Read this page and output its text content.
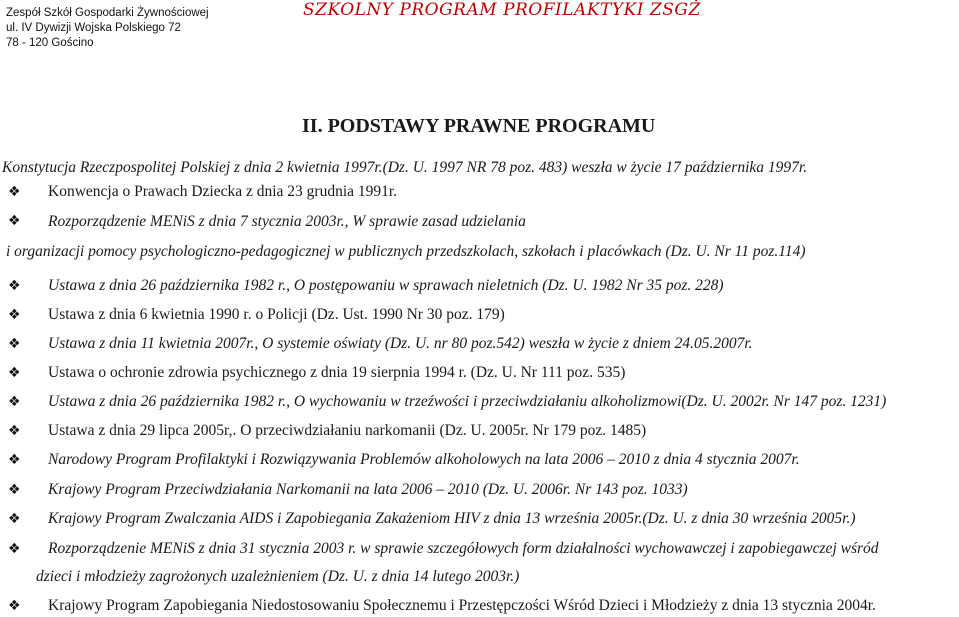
Zespół Szkół Gospodarki Żywnościowej
ul. IV Dywizji Wojska Polskiego 72
78 - 120 Gościno
SZKOLNY PROGRAM PROFILAKTYKI ZSGŻ
II. PODSTAWY PRAWNE PROGRAMU
Konstytucja Rzeczpospolitej Polskiej z dnia 2 kwietnia 1997r.(Dz. U. 1997 NR 78 poz. 483) weszła w życie 17 października 1997r.
❖ Konwencja o Prawach Dziecka z dnia 23 grudnia 1991r.
❖ Rozporządzenie MENiS z dnia 7 stycznia 2003r., W sprawie zasad udzielania
i organizacji pomocy psychologiczno-pedagogicznej w publicznych przedszkolach, szkołach i placówkach (Dz. U. Nr 11 poz.114)
❖ Ustawa z dnia 26 października 1982 r., O postępowaniu w sprawach nieletnich (Dz. U. 1982 Nr 35 poz. 228)
❖ Ustawa z dnia 6 kwietnia 1990 r. o Policji (Dz. Ust. 1990 Nr 30 poz. 179)
❖ Ustawa z dnia 11 kwietnia 2007r., O systemie oświaty (Dz. U. nr 80 poz.542) weszła w życie z dniem 24.05.2007r.
❖ Ustawa o ochronie zdrowia psychicznego z dnia 19 sierpnia 1994 r. (Dz. U. Nr 111 poz. 535)
❖ Ustawa z dnia 26 października 1982 r., O wychowaniu w trzeźwości i przeciwdziałaniu alkoholizmowi(Dz. U. 2002r. Nr 147 poz. 1231)
❖ Ustawa z dnia 29 lipca 2005r,. O przeciwdziałaniu narkomanii (Dz. U. 2005r. Nr 179 poz. 1485)
❖ Narodowy Program Profilaktyki i Rozwiązywania Problemów alkoholowych na lata 2006 – 2010 z dnia 4 stycznia 2007r.
❖ Krajowy Program Przeciwdziałania Narkomanii na lata 2006 – 2010 (Dz. U. 2006r. Nr 143 poz. 1033)
❖ Krajowy Program Zwalczania AIDS i Zapobiegania Zakażeniom HIV z dnia 13 września 2005r.(Dz. U. z dnia 30 września 2005r.)
❖ Rozporządzenie MENiS z dnia 31 stycznia 2003 r. w sprawie szczegółowych form działalności wychowawczej i zapobiegawczej wśród
dzieci i młodzieży zagrożonych uzależnieniem (Dz. U. z dnia 14 lutego 2003r.)
❖ Krajowy Program Zapobiegania Niedostosowaniu Społecznemu i Przestępczości Wśród Dzieci i Młodzieży z dnia 13 stycznia 2004r.
